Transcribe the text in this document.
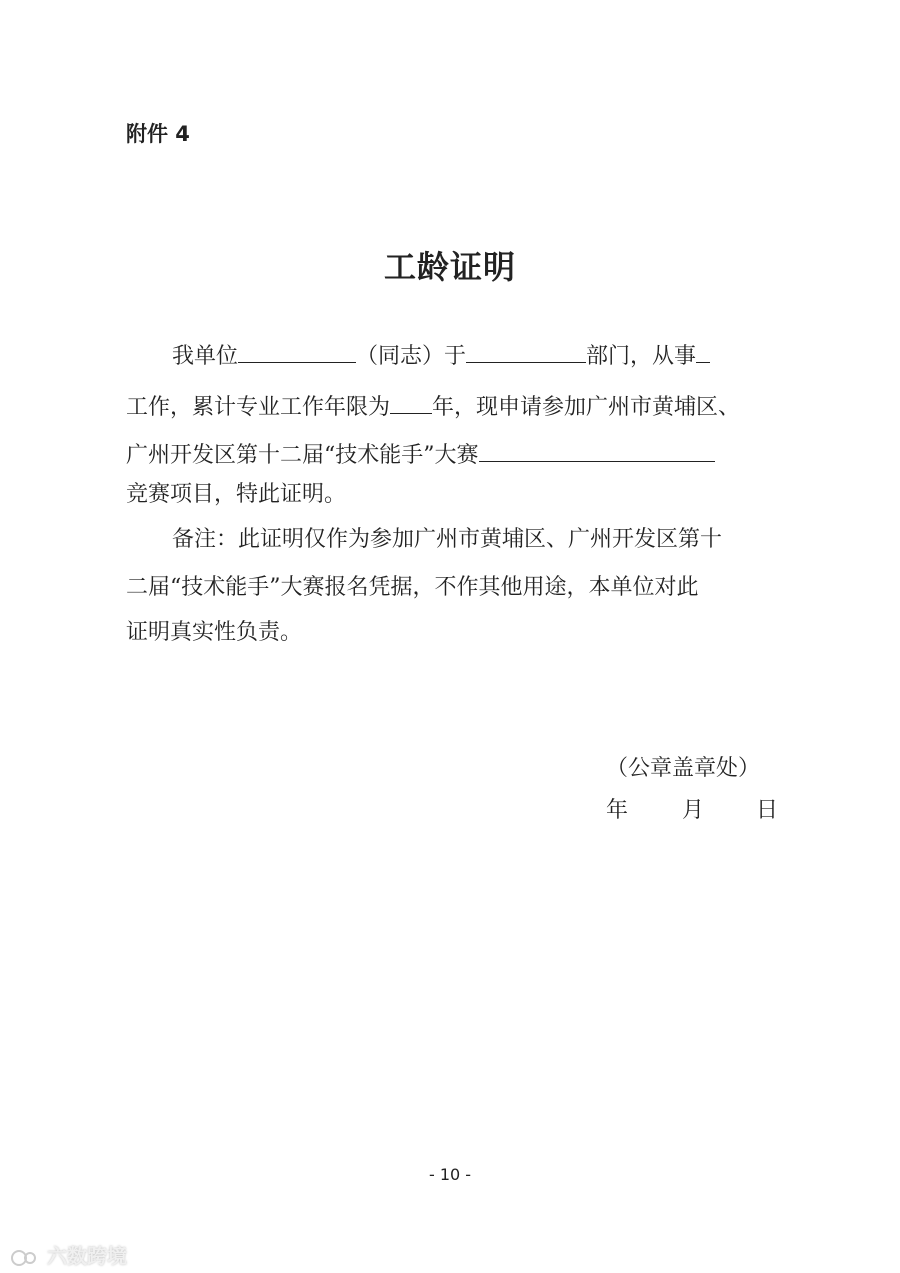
附件 4
工龄证明
我单位	（同志）于	部门，从事
工作，累计专业工作年限为 年，现申请参加广州市黄埔区、
广州开发区第十二届“技术能手”大赛
竞赛项目，特此证明。
备注：此证明仅作为参加广州市黄埔区、广州开发区第十
二届“技术能手”大赛报名凭据，不作其他用途，本单位对此
证明真实性负责。
（公章盖章处）
年 月 日
- 10 -
六数跨境
